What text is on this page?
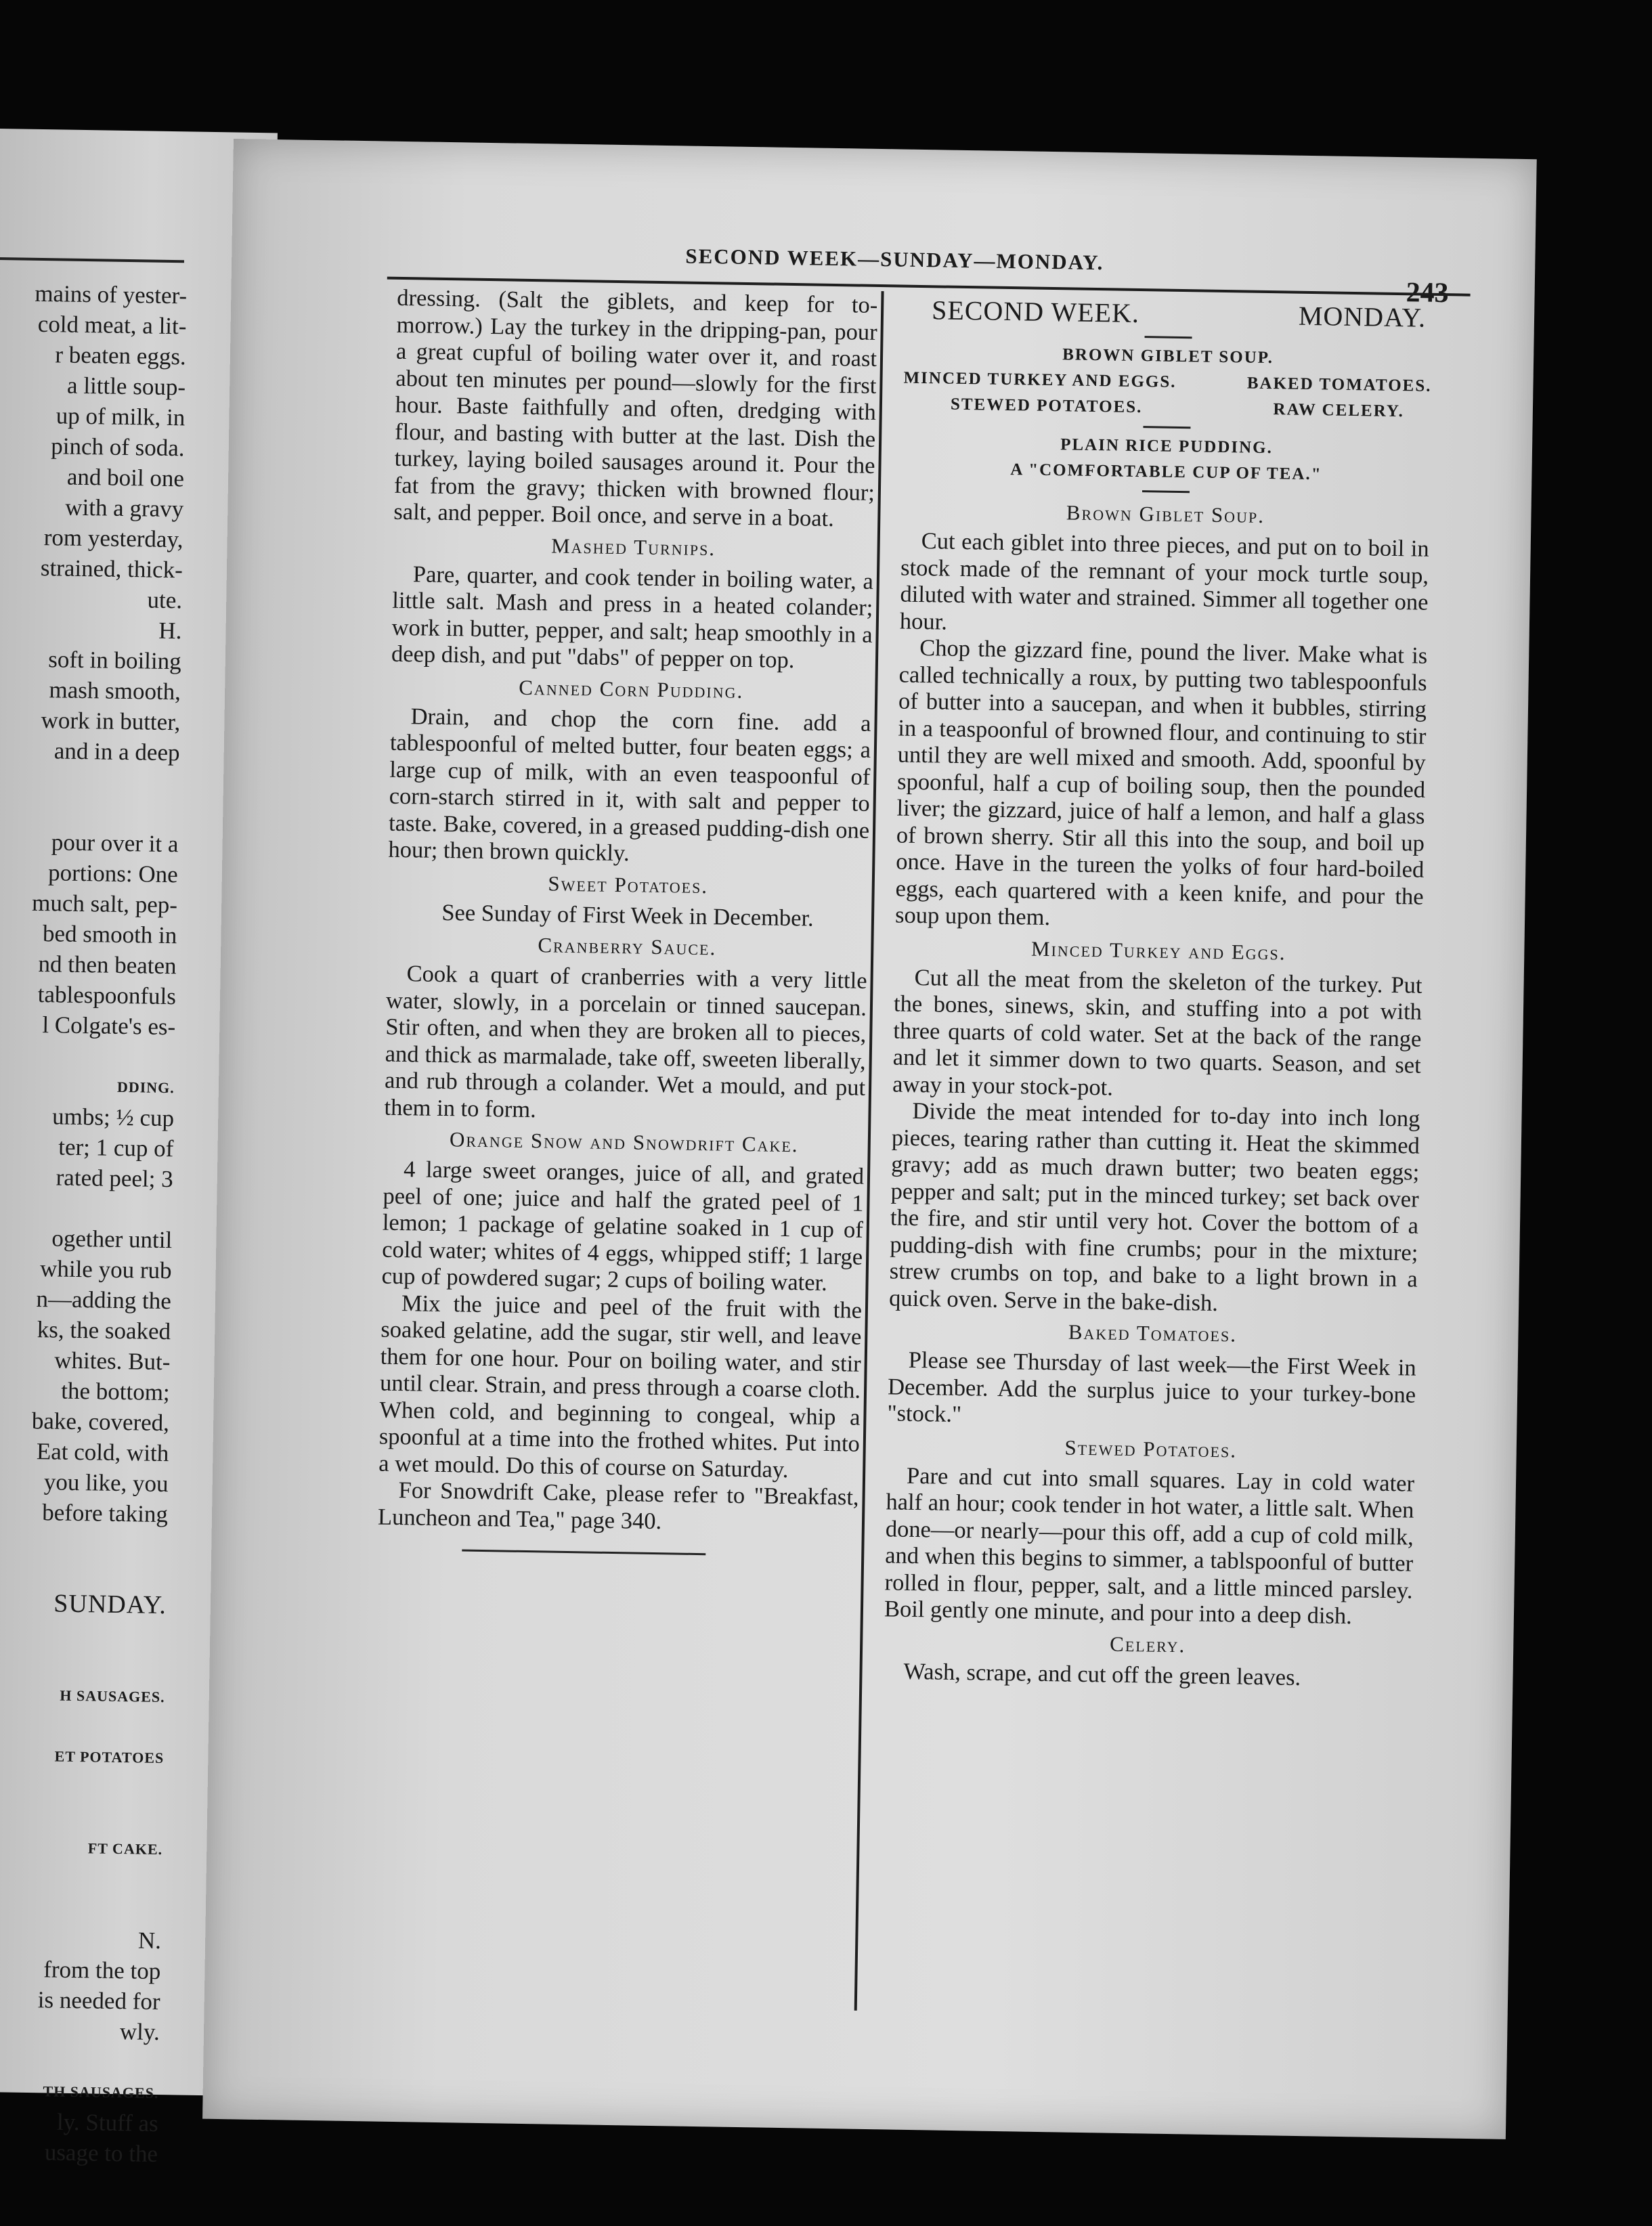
mains of yester-
cold meat, a lit-
r beaten eggs.
a little soup-
up of milk, in
pinch of soda.
and boil one
with a gravy
rom yesterday,
strained, thick-
ute.
H.
soft in boiling
mash smooth,
work in butter,
and in a deep
pour over it a
portions: One
much salt, pep-
bed smooth in
nd then beaten
tablespoonfuls
l Colgate's es-
DDING.
umbs; ½ cup
ter; 1 cup of
rated peel; 3
ogether until
while you rub
n—adding the
ks, the soaked
whites. But-
the bottom;
bake, covered,
Eat cold, with
you like, you
before taking
SUNDAY.
H SAUSAGES.
ET POTATOES
FT CAKE.
N.
from the top
is needed for
wly.
TH SAUSAGES.
ly. Stuff as
usage to the
SECOND WEEK—SUNDAY—MONDAY.
243

dressing. (Salt the giblets, and keep for to-morrow.) Lay the turkey in the dripping-pan, pour a great cupful of boiling water over it, and roast about ten minutes per pound—slowly for the first hour. Baste faithfully and often, dredging with flour, and basting with butter at the last. Dish the turkey, laying boiled sausages around it. Pour the fat from the gravy; thicken with browned flour; salt, and pepper. Boil once, and serve in a boat.

Mashed Turnips.

Pare, quarter, and cook tender in boiling water, a little salt. Mash and press in a heated colander; work in butter, pepper, and salt; heap smoothly in a deep dish, and put "dabs" of pepper on top.

Canned Corn Pudding.

Drain, and chop the corn fine. add a tablespoonful of melted butter, four beaten eggs; a large cup of milk, with an even teaspoonful of corn-starch stirred in it, with salt and pepper to taste. Bake, covered, in a greased pudding-dish one hour; then brown quickly.

Sweet Potatoes.

See Sunday of First Week in December.

Cranberry Sauce.

Cook a quart of cranberries with a very little water, slowly, in a porcelain or tinned saucepan. Stir often, and when they are broken all to pieces, and thick as marmalade, take off, sweeten liberally, and rub through a colander. Wet a mould, and put them in to form.

Orange Snow and Snowdrift Cake.

4 large sweet oranges, juice of all, and grated peel of one; juice and half the grated peel of 1 lemon; 1 package of gelatine soaked in 1 cup of cold water; whites of 4 eggs, whipped stiff; 1 large cup of powdered sugar; 2 cups of boiling water.

Mix the juice and peel of the fruit with the soaked gelatine, add the sugar, stir well, and leave them for one hour. Pour on boiling water, and stir until clear. Strain, and press through a coarse cloth. When cold, and beginning to congeal, whip a spoonful at a time into the frothed whites. Put into a wet mould. Do this of course on Saturday.

For Snowdrift Cake, please refer to "Breakfast, Luncheon and Tea," page 340.

SECOND WEEK.	MONDAY.
BROWN GIBLET SOUP.
MINCED TURKEY AND EGGS.	BAKED TOMATOES.
STEWED POTATOES.	RAW CELERY.
PLAIN RICE PUDDING.
A "COMFORTABLE CUP OF TEA."
Brown Giblet Soup.

Cut each giblet into three pieces, and put on to boil in stock made of the remnant of your mock turtle soup, diluted with water and strained. Simmer all together one hour.

Chop the gizzard fine, pound the liver. Make what is called technically a roux, by putting two tablespoonfuls of butter into a saucepan, and when it bubbles, stirring in a teaspoonful of browned flour, and continuing to stir until they are well mixed and smooth. Add, spoonful by spoonful, half a cup of boiling soup, then the pounded liver; the gizzard, juice of half a lemon, and half a glass of brown sherry. Stir all this into the soup, and boil up once. Have in the tureen the yolks of four hard-boiled eggs, each quartered with a keen knife, and pour the soup upon them.

Minced Turkey and Eggs.

Cut all the meat from the skeleton of the turkey. Put the bones, sinews, skin, and stuffing into a pot with three quarts of cold water. Set at the back of the range and let it simmer down to two quarts. Season, and set away in your stock-pot.

Divide the meat intended for to-day into inch long pieces, tearing rather than cutting it. Heat the skimmed gravy; add as much drawn butter; two beaten eggs; pepper and salt; put in the minced turkey; set back over the fire, and stir until very hot. Cover the bottom of a pudding-dish with fine crumbs; pour in the mixture; strew crumbs on top, and bake to a light brown in a quick oven. Serve in the bake-dish.

Baked Tomatoes.

Please see Thursday of last week—the First Week in December. Add the surplus juice to your turkey-bone "stock."

Stewed Potatoes.

Pare and cut into small squares. Lay in cold water half an hour; cook tender in hot water, a little salt. When done—or nearly—pour this off, add a cup of cold milk, and when this begins to simmer, a tablspoonful of butter rolled in flour, pepper, salt, and a little minced parsley. Boil gently one minute, and pour into a deep dish.

Celery.

Wash, scrape, and cut off the green leaves.
